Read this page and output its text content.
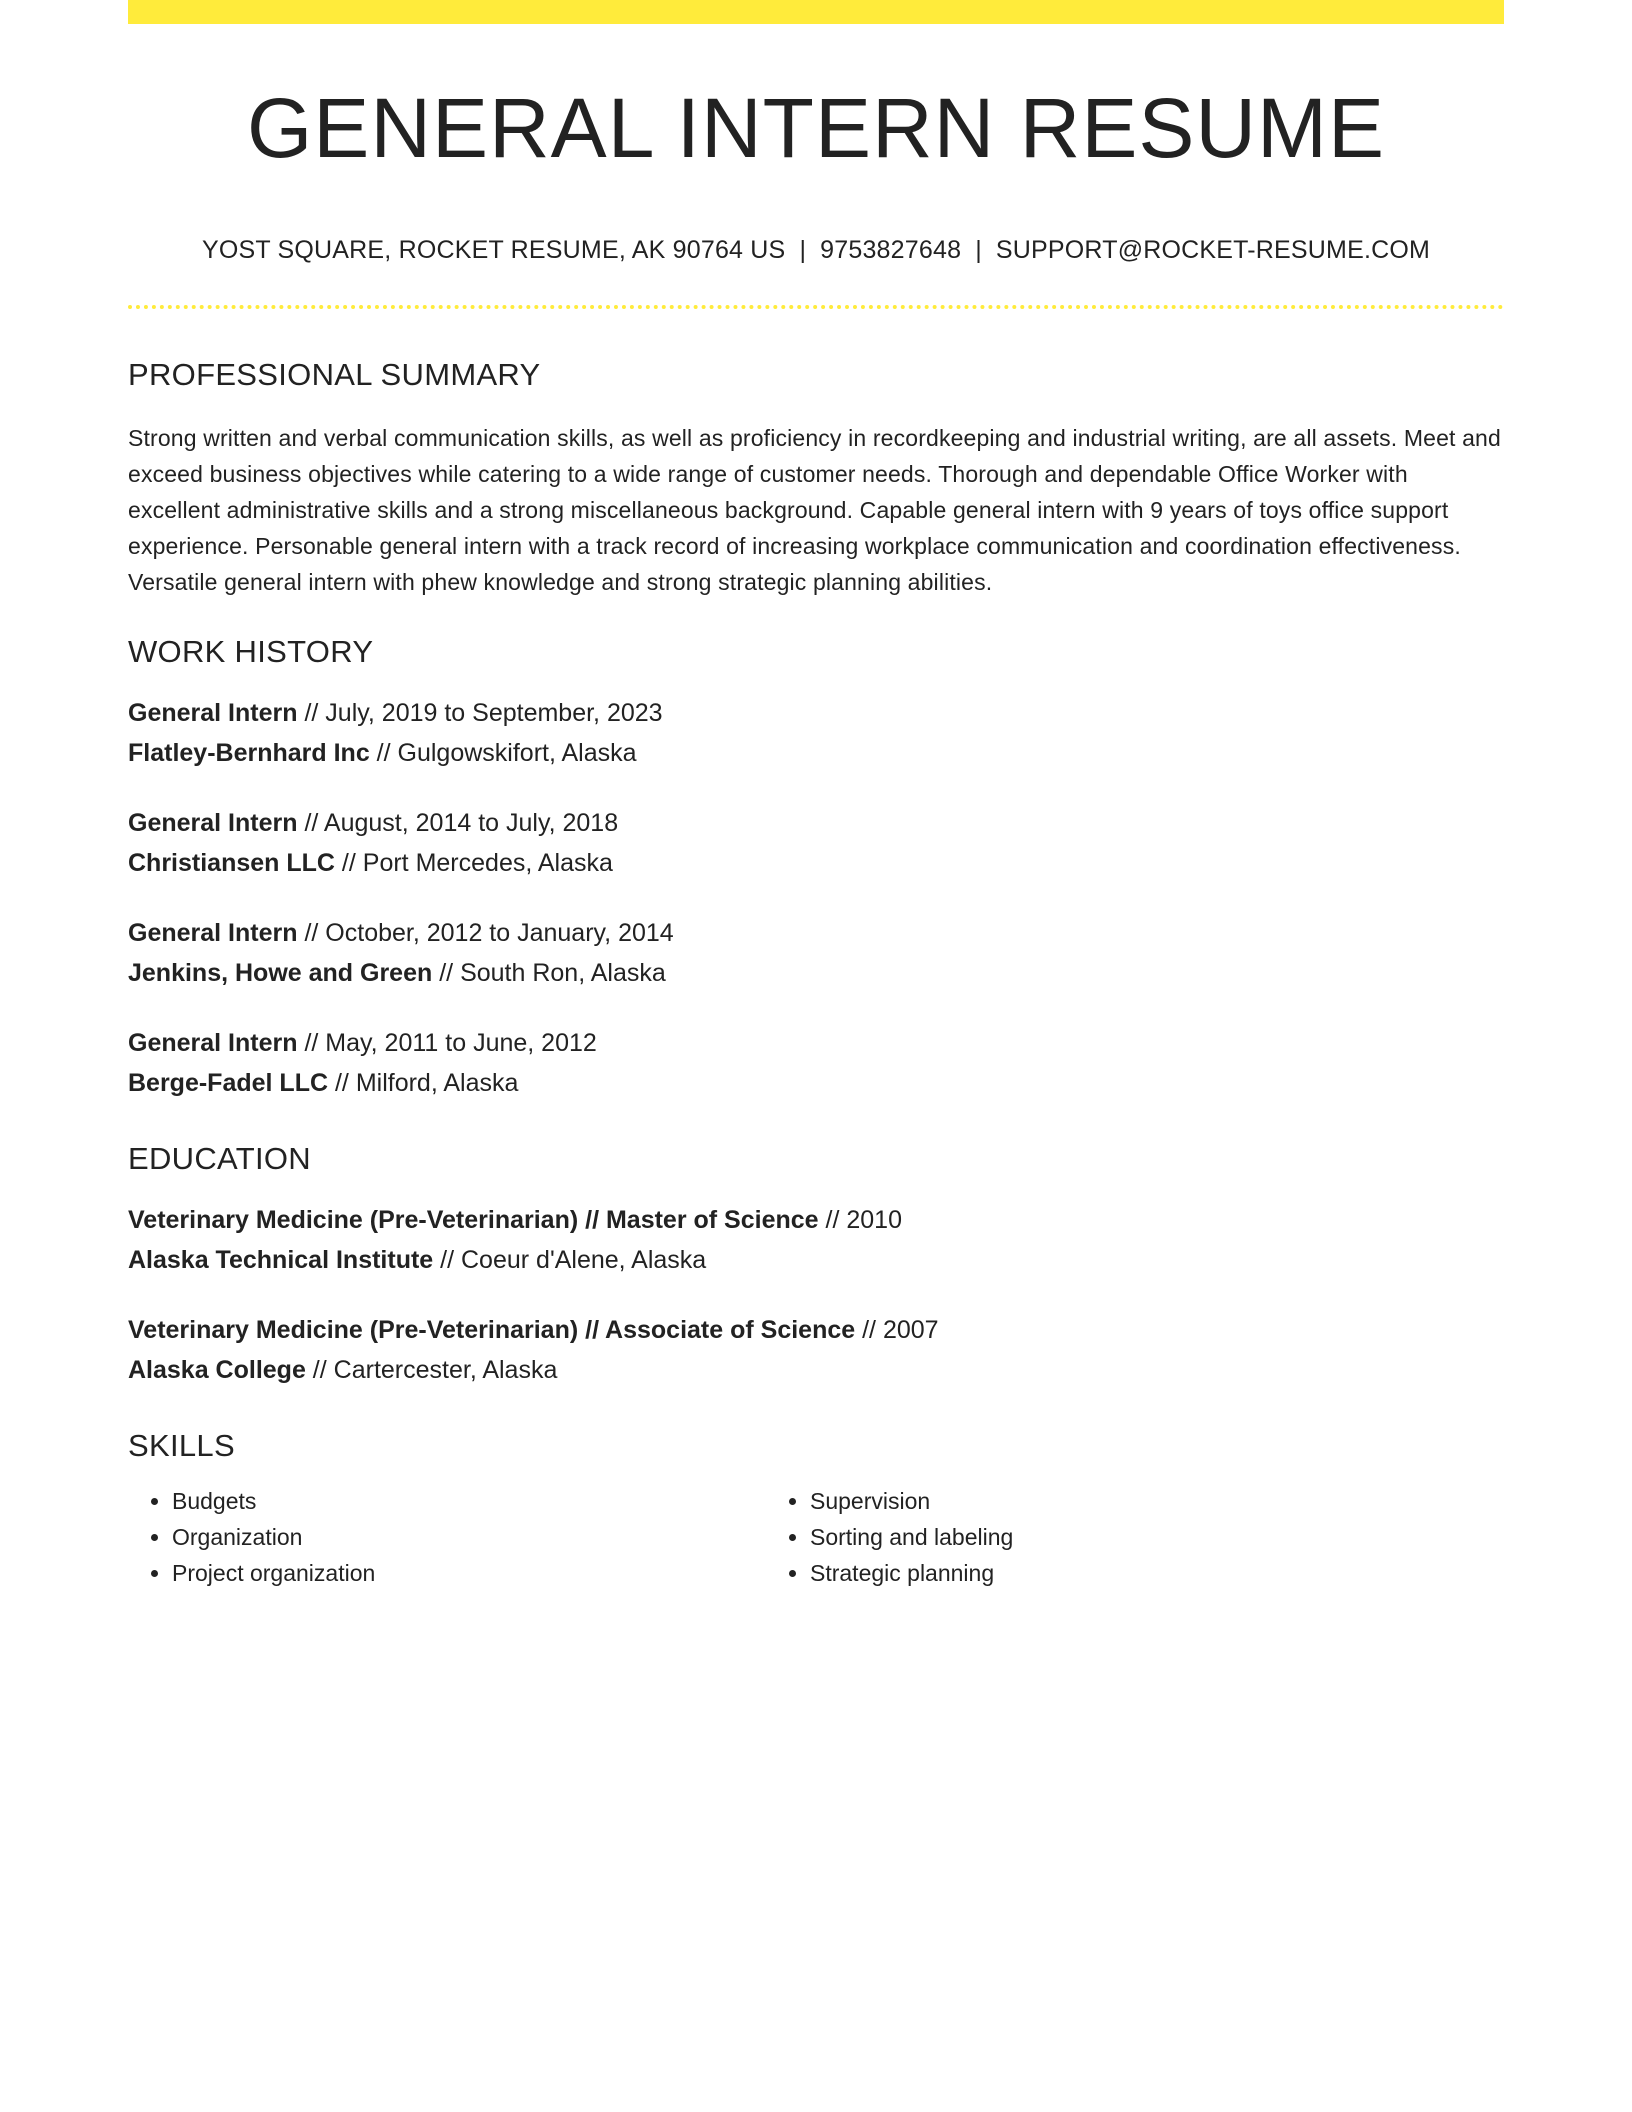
GENERAL INTERN RESUME
YOST SQUARE, ROCKET RESUME, AK 90764 US | 9753827648 | SUPPORT@ROCKET-RESUME.COM
PROFESSIONAL SUMMARY
Strong written and verbal communication skills, as well as proficiency in recordkeeping and industrial writing, are all assets. Meet and exceed business objectives while catering to a wide range of customer needs. Thorough and dependable Office Worker with excellent administrative skills and a strong miscellaneous background. Capable general intern with 9 years of toys office support experience. Personable general intern with a track record of increasing workplace communication and coordination effectiveness. Versatile general intern with phew knowledge and strong strategic planning abilities.
WORK HISTORY
General Intern // July, 2019 to September, 2023
Flatley-Bernhard Inc // Gulgowskifort, Alaska
General Intern // August, 2014 to July, 2018
Christiansen LLC // Port Mercedes, Alaska
General Intern // October, 2012 to January, 2014
Jenkins, Howe and Green // South Ron, Alaska
General Intern // May, 2011 to June, 2012
Berge-Fadel LLC // Milford, Alaska
EDUCATION
Veterinary Medicine (Pre-Veterinarian) // Master of Science // 2010
Alaska Technical Institute // Coeur d'Alene, Alaska
Veterinary Medicine (Pre-Veterinarian) // Associate of Science // 2007
Alaska College // Cartercester, Alaska
SKILLS
• Budgets
• Organization
• Project organization
• Supervision
• Sorting and labeling
• Strategic planning
